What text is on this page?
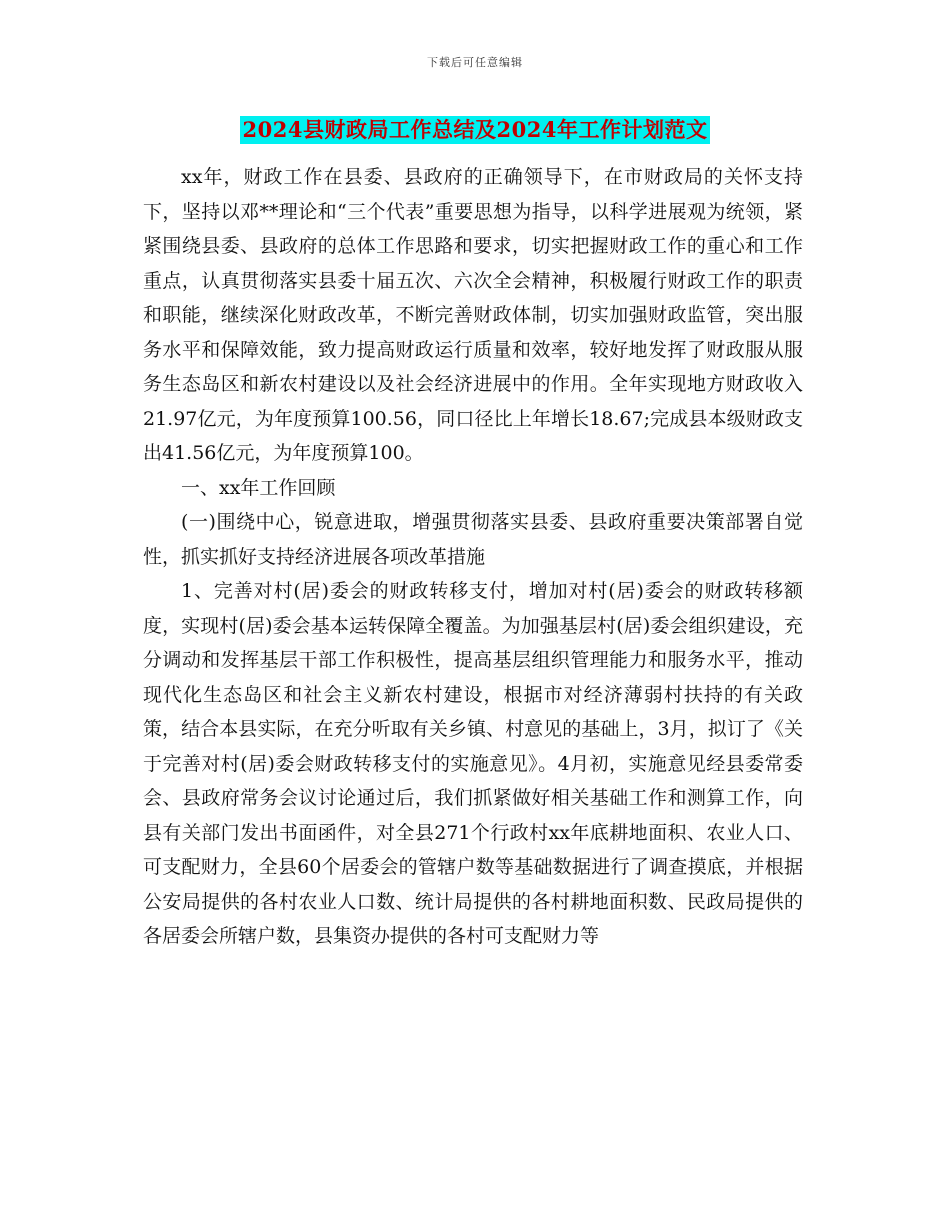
下载后可任意编辑
2024县财政局工作总结及2024年工作计划范文

xx年，财政工作在县委、县政府的正确领导下，在市财政局的关怀支持下，坚持以邓**理论和“三个代表”重要思想为指导，以科学进展观为统领，紧紧围绕县委、县政府的总体工作思路和要求，切实把握财政工作的重心和工作重点，认真贯彻落实县委十届五次、六次全会精神，积极履行财政工作的职责和职能，继续深化财政改革，不断完善财政体制，切实加强财政监管，突出服务水平和保障效能，致力提高财政运行质量和效率，较好地发挥了财政服从服务生态岛区和新农村建设以及社会经济进展中的作用。全年实现地方财政收入21.97亿元，为年度预算100.56，同口径比上年增长18.67;完成县本级财政支出41.56亿元，为年度预算100。

一、xx年工作回顾

(一)围绕中心，锐意进取，增强贯彻落实县委、县政府重要决策部署自觉性，抓实抓好支持经济进展各项改革措施

1、完善对村(居)委会的财政转移支付，增加对村(居)委会的财政转移额度，实现村(居)委会基本运转保障全覆盖。为加强基层村(居)委会组织建设，充分调动和发挥基层干部工作积极性，提高基层组织管理能力和服务水平，推动现代化生态岛区和社会主义新农村建设，根据市对经济薄弱村扶持的有关政策，结合本县实际，在充分听取有关乡镇、村意见的基础上，3月，拟订了《关于完善对村(居)委会财政转移支付的实施意见》。4月初，实施意见经县委常委会、县政府常务会议讨论通过后，我们抓紧做好相关基础工作和测算工作，向县有关部门发出书面函件，对全县271个行政村xx年底耕地面积、农业人口、可支配财力，全县60个居委会的管辖户数等基础数据进行了调查摸底，并根据公安局提供的各村农业人口数、统计局提供的各村耕地面积数、民政局提供的各居委会所辖户数，县集资办提供的各村可支配财力等
